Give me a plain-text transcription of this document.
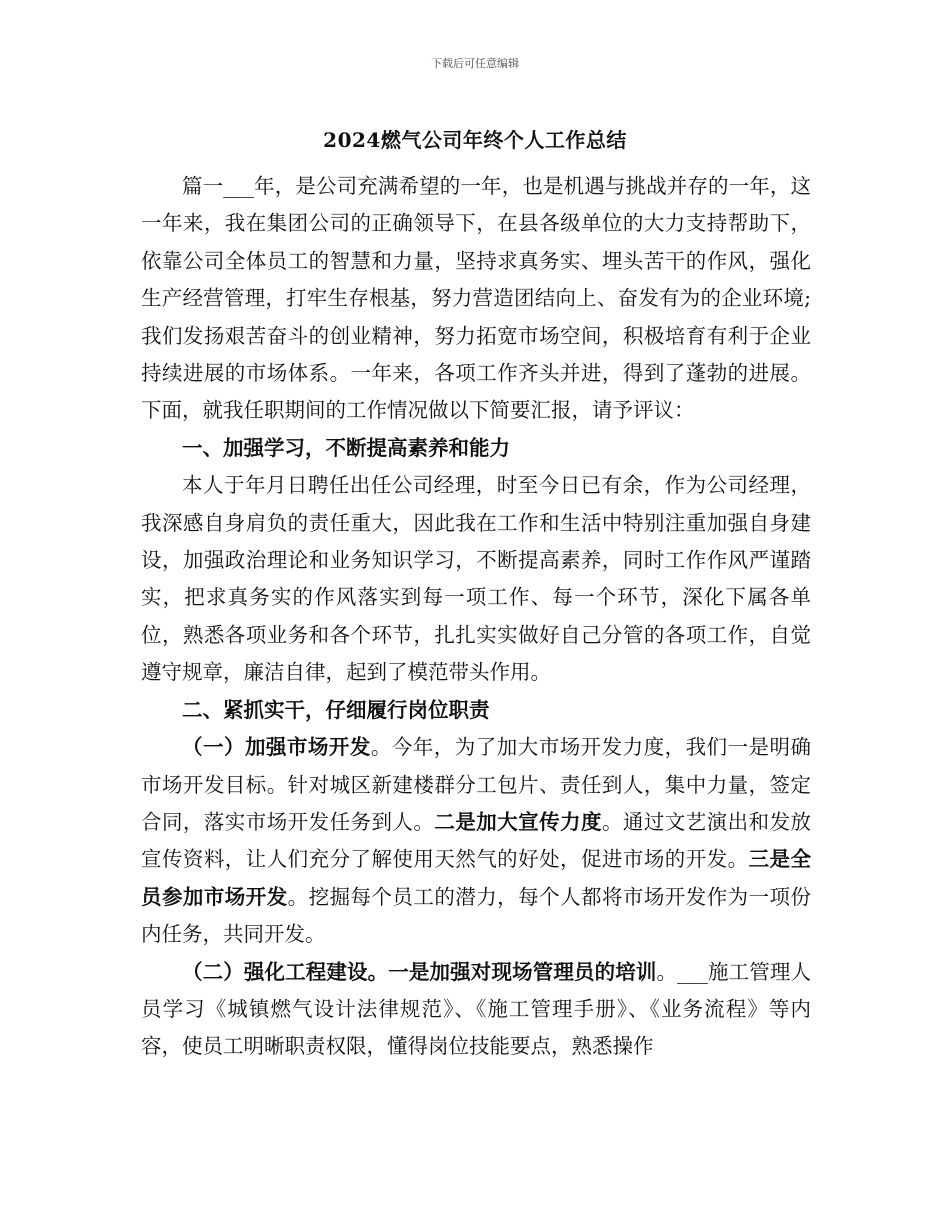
下载后可任意编辑
2024燃气公司年终个人工作总结

篇一___年，是公司充满希望的一年，也是机遇与挑战并存的一年，这一年来，我在集团公司的正确领导下，在县各级单位的大力支持帮助下，依靠公司全体员工的智慧和力量，坚持求真务实、埋头苦干的作风，强化生产经营管理，打牢生存根基，努力营造团结向上、奋发有为的企业环境;我们发扬艰苦奋斗的创业精神，努力拓宽市场空间，积极培育有利于企业持续进展的市场体系。一年来，各项工作齐头并进，得到了蓬勃的进展。下面，就我任职期间的工作情况做以下简要汇报，请予评议：

一、加强学习，不断提高素养和能力

本人于年月日聘任出任公司经理，时至今日已有余，作为公司经理，我深感自身肩负的责任重大，因此我在工作和生活中特别注重加强自身建设，加强政治理论和业务知识学习，不断提高素养，同时工作作风严谨踏实，把求真务实的作风落实到每一项工作、每一个环节，深化下属各单位，熟悉各项业务和各个环节，扎扎实实做好自己分管的各项工作，自觉遵守规章，廉洁自律，起到了模范带头作用。

二、紧抓实干，仔细履行岗位职责

（一）加强市场开发。今年，为了加大市场开发力度，我们一是明确市场开发目标。针对城区新建楼群分工包片、责任到人，集中力量，签定合同，落实市场开发任务到人。二是加大宣传力度。通过文艺演出和发放宣传资料，让人们充分了解使用天然气的好处，促进市场的开发。三是全员参加市场开发。挖掘每个员工的潜力，每个人都将市场开发作为一项份内任务，共同开发。

（二）强化工程建设。一是加强对现场管理员的培训。___施工管理人员学习《城镇燃气设计法律规范》、《施工管理手册》、《业务流程》等内容，使员工明晰职责权限，懂得岗位技能要点，熟悉操作
